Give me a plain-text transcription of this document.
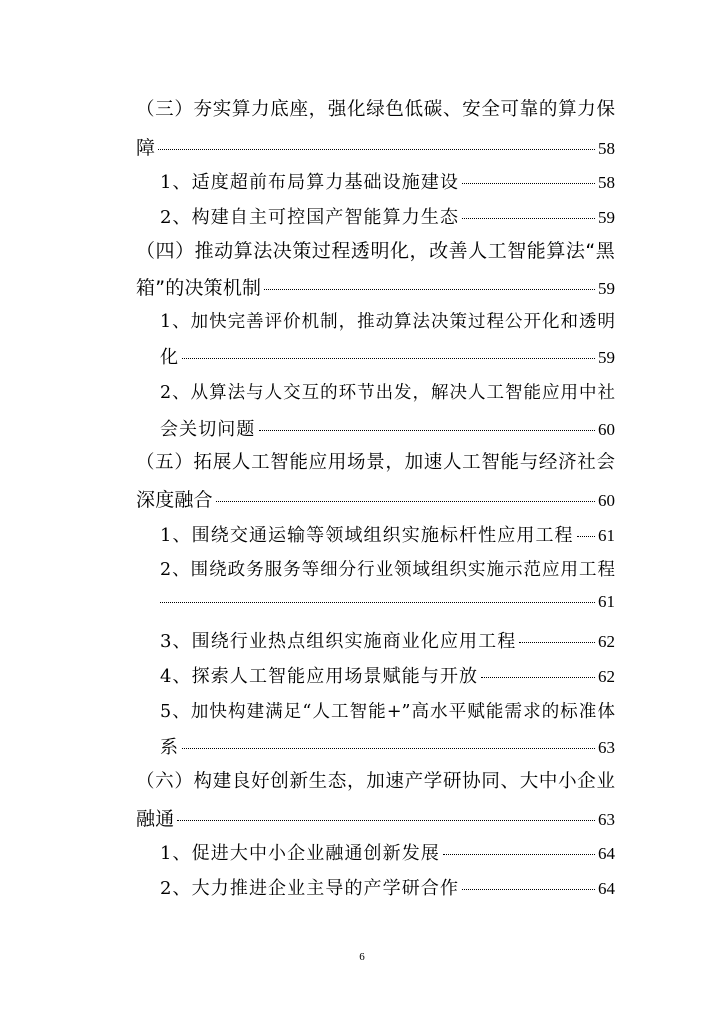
（三）夯实算力底座，强化绿色低碳、安全可靠的算力保
障	58
1、适度超前布局算力基础设施建设	58
2、构建自主可控国产智能算力生态	59
（四）推动算法决策过程透明化，改善人工智能算法“黑
箱”的决策机制	59
1、加快完善评价机制，推动算法决策过程公开化和透明
化	59
2、从算法与人交互的环节出发，解决人工智能应用中社
会关切问题	60
（五）拓展人工智能应用场景，加速人工智能与经济社会
深度融合	60
1、围绕交通运输等领域组织实施标杆性应用工程 61
2、围绕政务服务等细分行业领域组织实施示范应用工程
61
3、围绕行业热点组织实施商业化应用工程	62
4、探索人工智能应用场景赋能与开放	62
5、加快构建满足“人工智能+”高水平赋能需求的标准体
系	63
（六）构建良好创新生态，加速产学研协同、大中小企业
融通	63
1、促进大中小企业融通创新发展	64
2、大力推进企业主导的产学研合作	64
6
